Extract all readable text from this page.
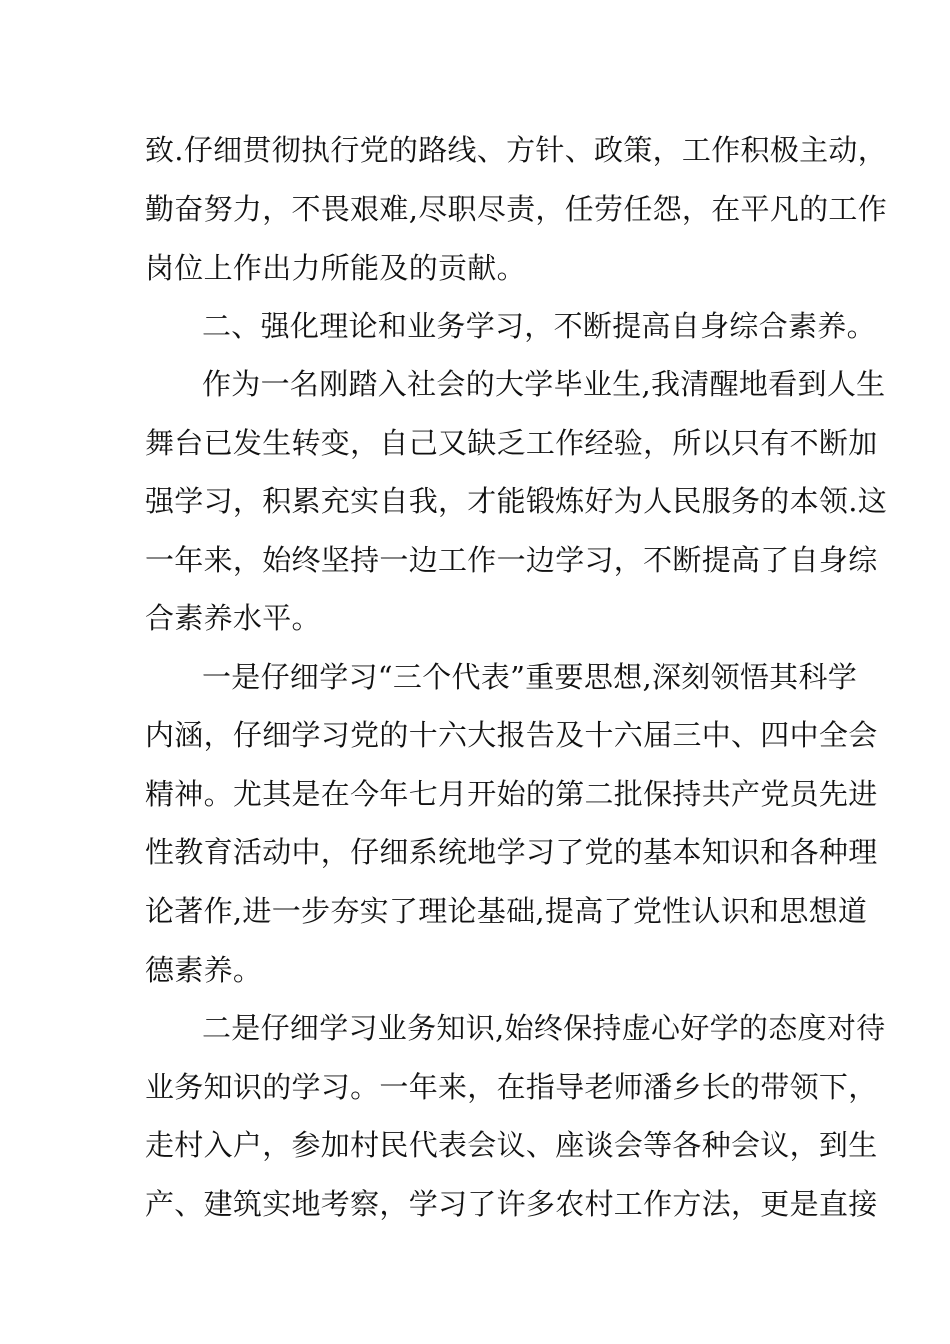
致.仔细贯彻执行党的路线、方针、政策，工作积极主动，
勤奋努力，不畏艰难,尽职尽责，任劳任怨，在平凡的工作
岗位上作出力所能及的贡献。
二、强化理论和业务学习，不断提高自身综合素养。
作为一名刚踏入社会的大学毕业生,我清醒地看到人生
舞台已发生转变，自己又缺乏工作经验，所以只有不断加
强学习，积累充实自我，才能锻炼好为人民服务的本领.这
一年来，始终坚持一边工作一边学习，不断提高了自身综
合素养水平。
一是仔细学习“三个代表”重要思想,深刻领悟其科学
内涵，仔细学习党的十六大报告及十六届三中、四中全会
精神。尤其是在今年七月开始的第二批保持共产党员先进
性教育活动中，仔细系统地学习了党的基本知识和各种理
论著作,进一步夯实了理论基础,提高了党性认识和思想道
德素养。
二是仔细学习业务知识,始终保持虚心好学的态度对待
业务知识的学习。一年来，在指导老师潘乡长的带领下，
走村入户，参加村民代表会议、座谈会等各种会议，到生
产、建筑实地考察，学习了许多农村工作方法，更是直接
